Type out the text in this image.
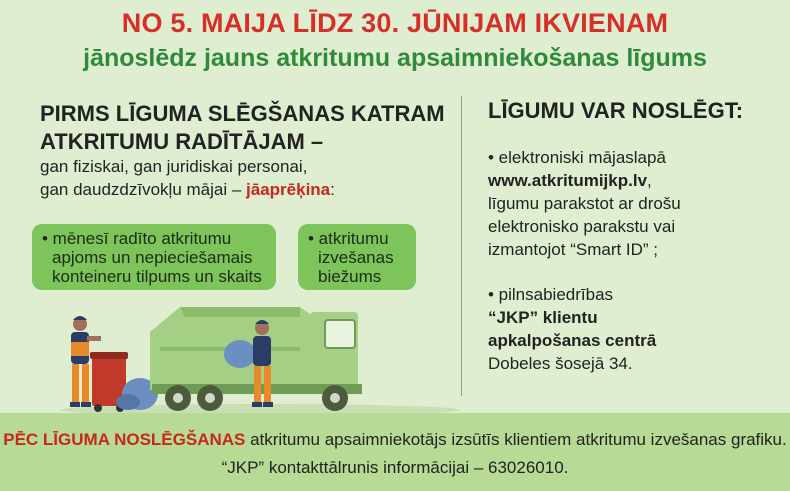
NO 5. MAIJA LĪDZ 30. JŪNIJAM IKVIENAM
jānoslēdz jauns atkritumu apsaimniekošanas līgums
PIRMS LĪGUMA SLĒGŠANAS KATRAM
ATKRITUMU RADĪTĀJAM –
gan fiziskai, gan juridiskai personai,
gan daudzdzīvokļu mājai – jāaprēķina:
• mēnesī radīto atkritumu
apjoms un nepieciešamais
konteineru tilpums un skaits
• atkritumu
izvešanas
biežums
LĪGUMU VAR NOSLĒGT:
• elektroniski mājaslapā
www.atkritumijkp.lv,
līgumu parakstot ar drošu
elektronisko parakstu vai
izmantojot “Smart ID” ;
• pilnsabiedrības
“JKP” klientu
apkalpošanas centrā
Dobeles šosejā 34.
PĒC LĪGUMA NOSLĒGŠANAS atkritumu apsaimniekotājs izsūtīs klientiem atkritumu izvešanas grafiku.
“JKP” kontakttālrunis informācijai – 63026010.
